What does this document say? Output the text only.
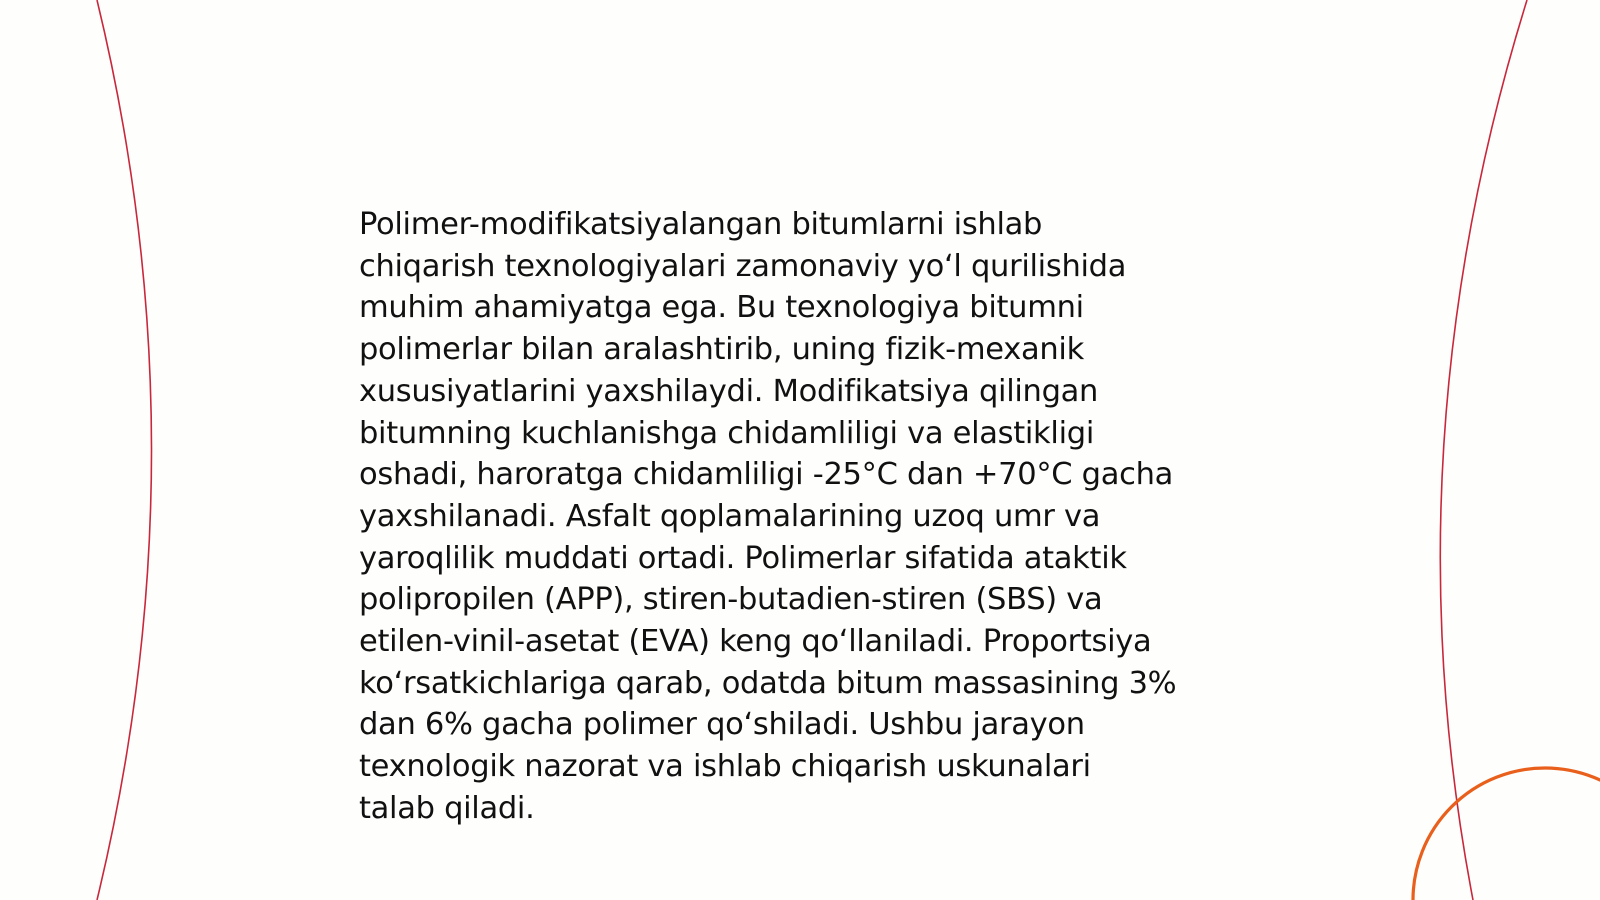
Polimer-modifikatsiyalangan bitumlarni ishlab
chiqarish texnologiyalari zamonaviy yo‘l qurilishida
muhim ahamiyatga ega. Bu texnologiya bitumni
polimerlar bilan aralashtirib, uning fizik-mexanik
xususiyatlarini yaxshilaydi. Modifikatsiya qilingan
bitumning kuchlanishga chidamliligi va elastikligi
oshadi, haroratga chidamliligi -25°C dan +70°C gacha
yaxshilanadi. Asfalt qoplamalarining uzoq umr va
yaroqlilik muddati ortadi. Polimerlar sifatida ataktik
polipropilen (APP), stiren-butadien-stiren (SBS) va
etilen-vinil-asetat (EVA) keng qo‘llaniladi. Proportsiya
ko‘rsatkichlariga qarab, odatda bitum massasining 3%
dan 6% gacha polimer qo‘shiladi. Ushbu jarayon
texnologik nazorat va ishlab chiqarish uskunalari
talab qiladi.
